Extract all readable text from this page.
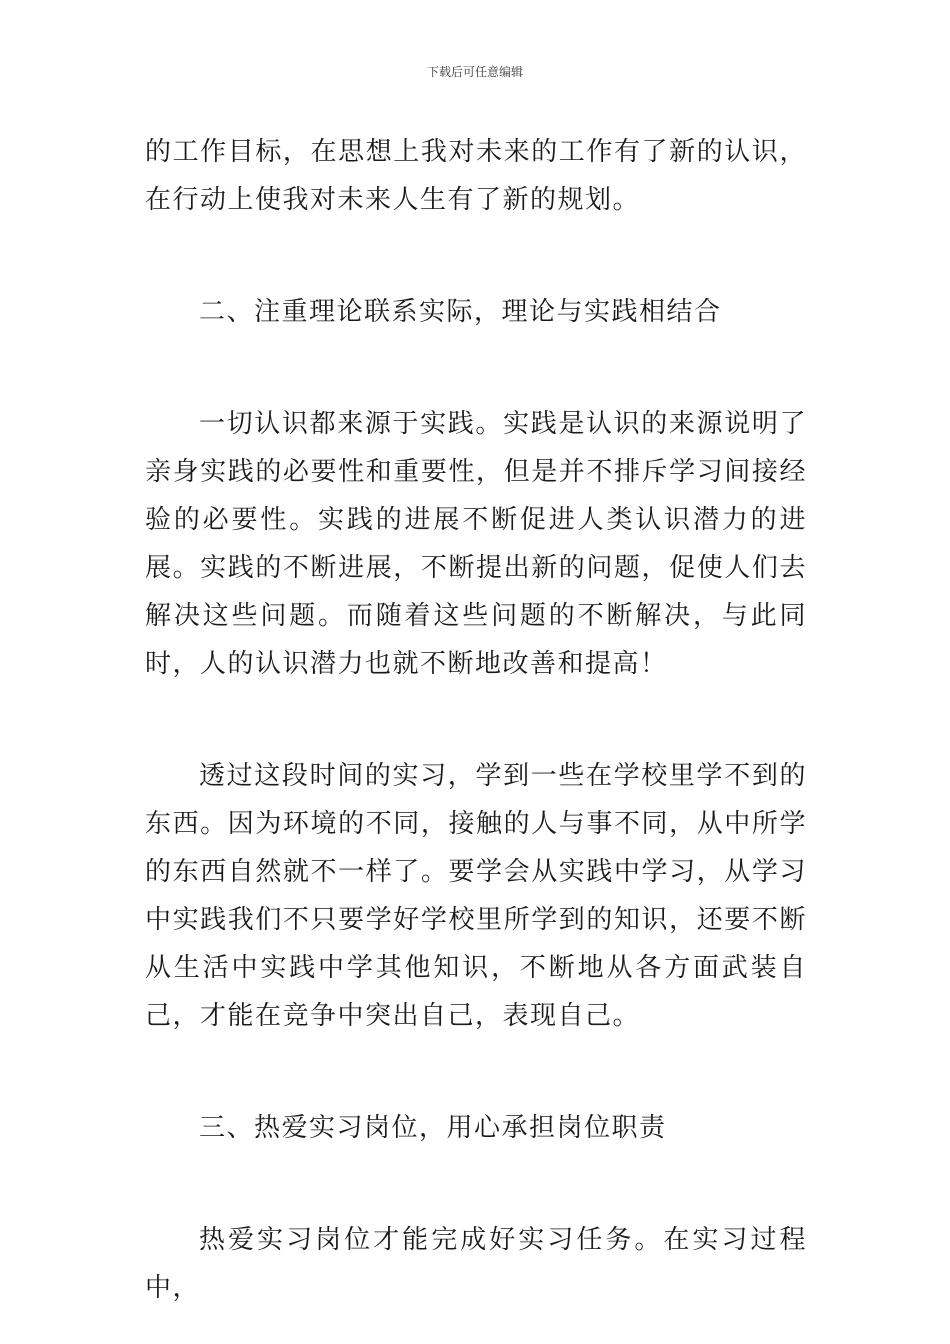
下载后可任意编辑

的工作目标，在思想上我对未来的工作有了新的认识，在行动上使我对未来人生有了新的规划。

二、注重理论联系实际，理论与实践相结合

一切认识都来源于实践。实践是认识的来源说明了亲身实践的必要性和重要性，但是并不排斥学习间接经验的必要性。实践的进展不断促进人类认识潜力的进展。实践的不断进展，不断提出新的问题，促使人们去解决这些问题。而随着这些问题的不断解决，与此同时，人的认识潜力也就不断地改善和提高！

透过这段时间的实习，学到一些在学校里学不到的东西。因为环境的不同，接触的人与事不同，从中所学的东西自然就不一样了。要学会从实践中学习，从学习中实践我们不只要学好学校里所学到的知识，还要不断从生活中实践中学其他知识，不断地从各方面武装自己，才能在竞争中突出自己，表现自己。

三、热爱实习岗位，用心承担岗位职责

热爱实习岗位才能完成好实习任务。在实习过程中，
